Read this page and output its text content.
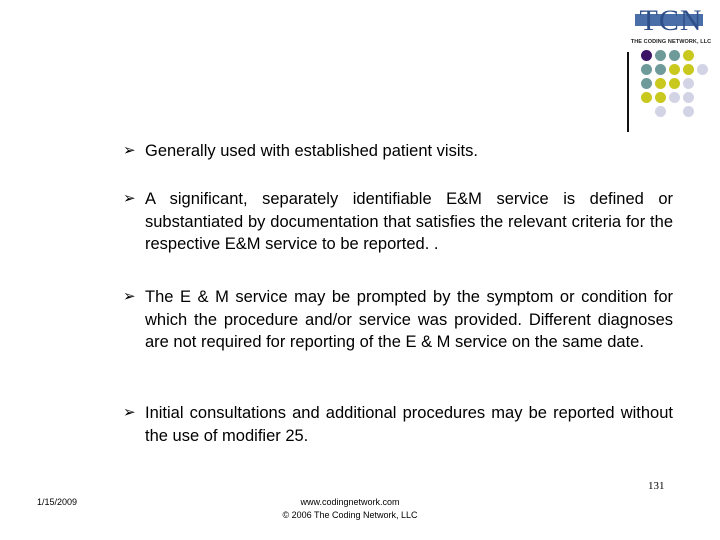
TCN
THE CODING NETWORK, LLC
➢ Generally used with established patient visits.
➢ A significant, separately identifiable E&M service is defined or substantiated by documentation that satisfies the relevant criteria for the respective E&M service to be reported. .
➢ The E & M service may be prompted by the symptom or condition for which the procedure and/or service was provided. Different diagnoses are not required for reporting of the E & M service on the same date.
➢ Initial consultations and additional procedures may be reported without the use of modifier 25.
1/15/2009	www.codingnetwork.com
© 2006 The Coding Network, LLC
131
